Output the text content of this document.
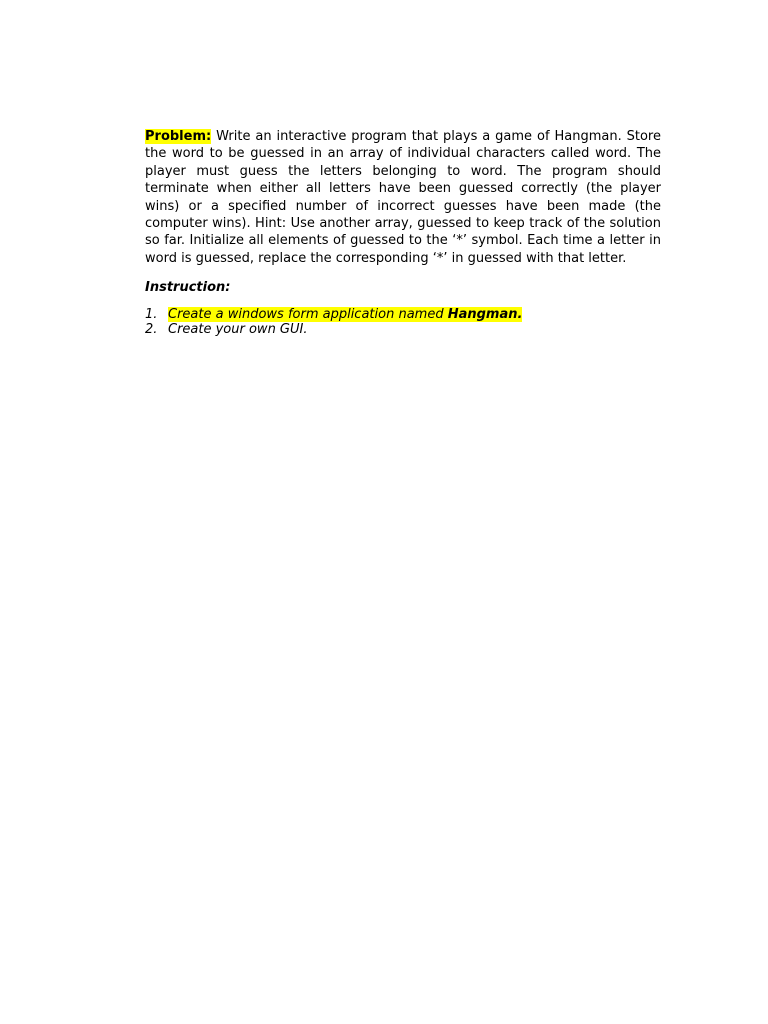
Problem: Write an interactive program that plays a game of Hangman. Store the word to be guessed in an array of individual characters called word. The player must guess the letters belonging to word. The program should terminate when either all letters have been guessed correctly (the player wins) or a specified number of incorrect guesses have been made (the computer wins). Hint: Use another array, guessed to keep track of the solution so far. Initialize all elements of guessed to the ‘*’ symbol. Each time a letter in word is guessed, replace the corresponding ‘*’ in guessed with that letter.

Instruction:
1. Create a windows form application named Hangman.
2. Create your own GUI.
